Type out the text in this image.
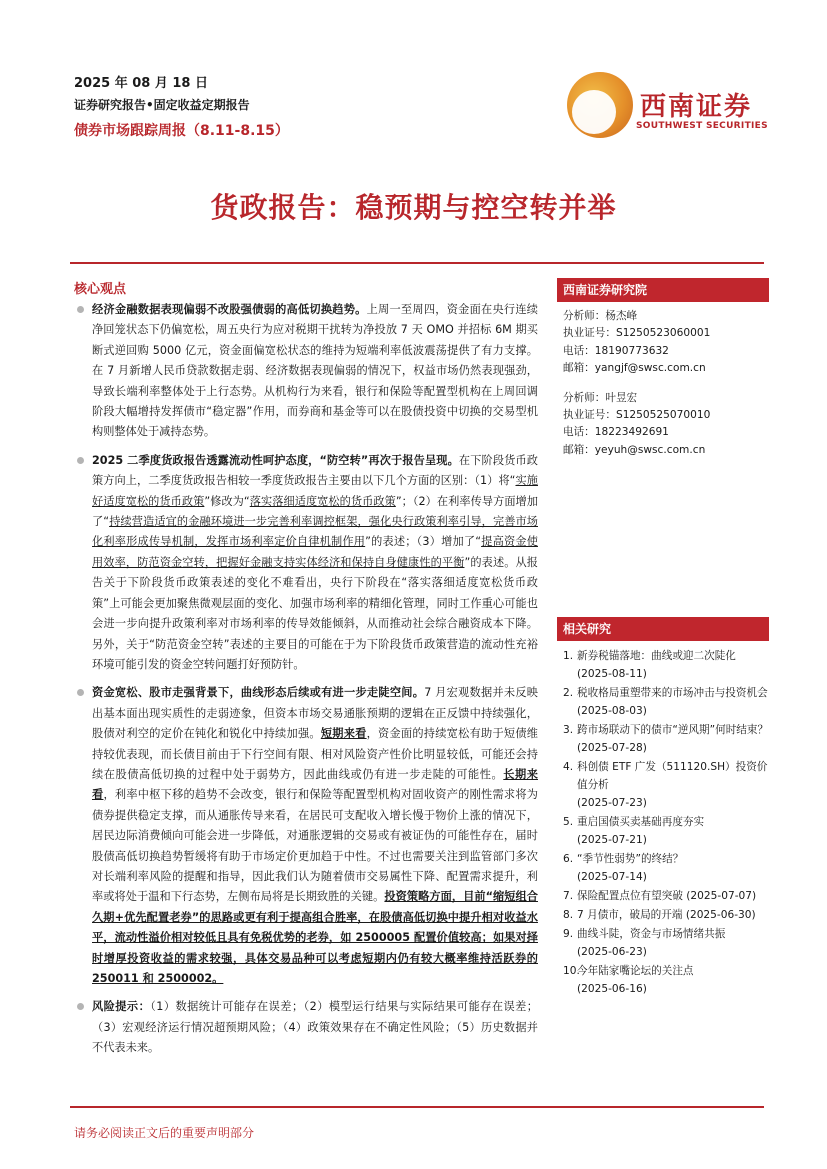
2025 年 08 月 18 日
证券研究报告•固定收益定期报告
债券市场跟踪周报（8.11-8.15）
西南证券
SOUTHWEST SECURITIES
货政报告：稳预期与控空转并举
核心观点

经济金融数据表现偏弱不改股强债弱的高低切换趋势。上周一至周四，资金面在央行连续净回笼状态下仍偏宽松，周五央行为应对税期干扰转为净投放 7 天 OMO 并招标 6M 期买断式逆回购 5000 亿元，资金面偏宽松状态的维持为短端利率低波震荡提供了有力支撑。在 7 月新增人民币贷款数据走弱、经济数据表现偏弱的情况下，权益市场仍然表现强劲，导致长端利率整体处于上行态势。从机构行为来看，银行和保险等配置型机构在上周回调阶段大幅增持发挥债市“稳定器”作用，而券商和基金等可以在股债投资中切换的交易型机构则整体处于减持态势。

2025 二季度货政报告透露流动性呵护态度，“防空转”再次于报告呈现。在下阶段货币政策方向上，二季度货政报告相较一季度货政报告主要由以下几个方面的区别：（1）将“实施好适度宽松的货币政策”修改为“落实落细适度宽松的货币政策”；（2）在利率传导方面增加了“持续营造适宜的金融环境进一步完善利率调控框架，强化央行政策利率引导，完善市场化利率形成传导机制，发挥市场利率定价自律机制作用”的表述；（3）增加了“提高资金使用效率，防范资金空转，把握好金融支持实体经济和保持自身健康性的平衡”的表述。从报告关于下阶段货币政策表述的变化不难看出，央行下阶段在“落实落细适度宽松货币政策”上可能会更加聚焦微观层面的变化、加强市场利率的精细化管理，同时工作重心可能也会进一步向提升政策利率对市场利率的传导效能倾斜，从而推动社会综合融资成本下降。另外，关于“防范资金空转”表述的主要目的可能在于为下阶段货币政策营造的流动性充裕环境可能引发的资金空转问题打好预防针。

资金宽松、股市走强背景下，曲线形态后续或有进一步走陡空间。7 月宏观数据并未反映出基本面出现实质性的走弱迹象，但资本市场交易通胀预期的逻辑在正反馈中持续强化，股债对利空的定价在钝化和锐化中持续加强。短期来看，资金面的持续宽松有助于短债维持较优表现，而长债目前由于下行空间有限、相对风险资产性价比明显较低，可能还会持续在股债高低切换的过程中处于弱势方，因此曲线或仍有进一步走陡的可能性。长期来看，利率中枢下移的趋势不会改变，银行和保险等配置型机构对固收资产的刚性需求将为债券提供稳定支撑，而从通胀传导来看，在居民可支配收入增长慢于物价上涨的情况下，居民边际消费倾向可能会进一步降低，对通胀逻辑的交易或有被证伪的可能性存在，届时股债高低切换趋势暂缓将有助于市场定价更加趋于中性。不过也需要关注到监管部门多次对长端利率风险的提醒和指导，因此我们认为随着债市交易属性下降、配置需求提升，利率或将处于温和下行态势，左侧布局将是长期致胜的关键。投资策略方面，目前“缩短组合久期+优先配置老券”的思路或更有利于提高组合胜率，在股债高低切换中提升相对收益水平，流动性溢价相对较低且具有免税优势的老券，如 2500005 配置价值较高；如果对择时增厚投资收益的需求较强，具体交易品种可以考虑短期内仍有较大概率维持活跃券的 250011 和 2500002。

风险提示：（1）数据统计可能存在误差；（2）模型运行结果与实际结果可能存在误差；（3）宏观经济运行情况超预期风险；（4）政策效果存在不确定性风险；（5）历史数据并不代表未来。

西南证券研究院
分析师：杨杰峰
执业证号：S1250523060001
电话：18190773632
邮箱：yangjf@swsc.com.cn
分析师：叶昱宏
执业证号：S1250525070010
电话：18223492691
邮箱：yeyuh@swsc.com.cn
相关研究
1. 新券税锚落地：曲线或迎二次陡化
(2025-08-11)
2. 税收格局重塑带来的市场冲击与投资机会
(2025-08-03)
3. 跨市场联动下的债市“逆风期”何时结束？
(2025-07-28)
4. 科创债 ETF 广发（511120.SH）投资价值分析
(2025-07-23)
5. 重启国债买卖基础再度夯实
(2025-07-21)
6. “季节性弱势”的终结？
(2025-07-14)
7. 保险配置点位有望突破 (2025-07-07)
8. 7 月债市，破局的开端 (2025-06-30)
9. 曲线斗陡，资金与市场情绪共振
(2025-06-23)
10.
今年陆家嘴论坛的关注点
(2025-06-16)
请务必阅读正文后的重要声明部分
